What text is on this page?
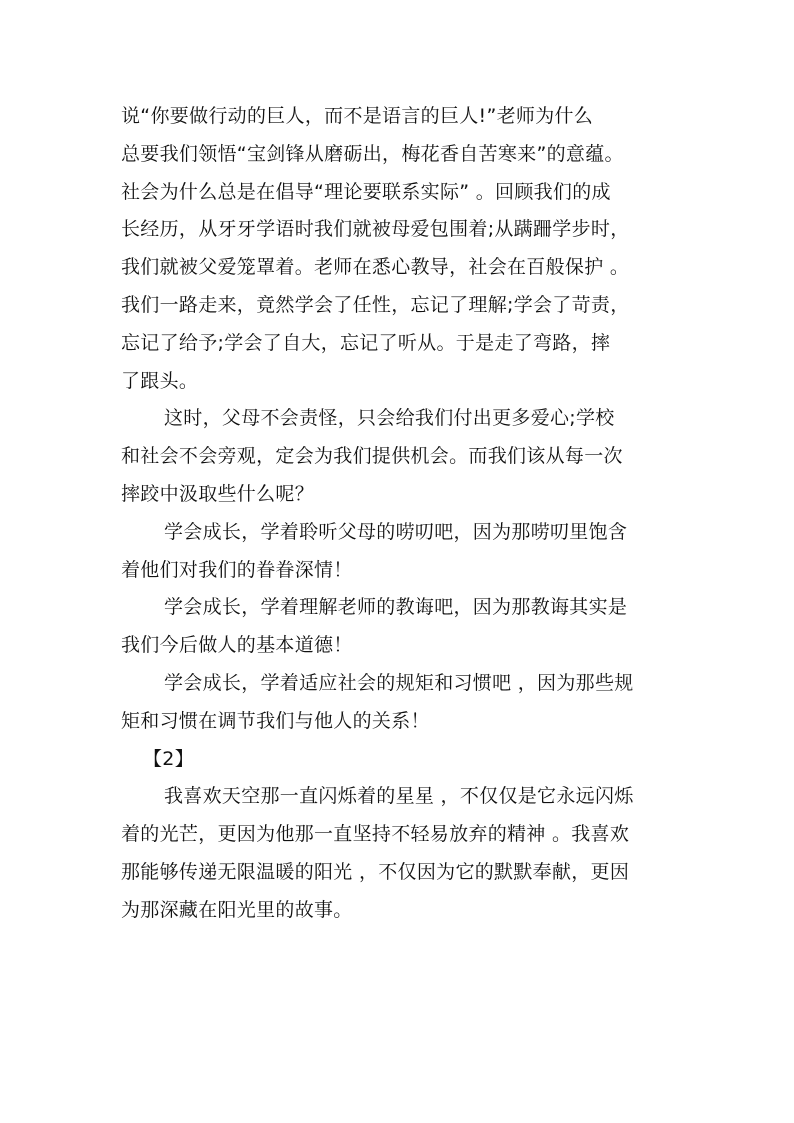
说“你要做行动的巨人，而不是语言的巨人!”老师为什么
总要我们领悟“宝剑锋从磨砺出，梅花香自苦寒来”的意蕴。
社会为什么总是在倡导“理论要联系实际” 。回顾我们的成
长经历，从牙牙学语时我们就被母爱包围着;从蹒跚学步时，
我们就被父爱笼罩着。老师在悉心教导，社会在百般保护 。
我们一路走来，竟然学会了任性，忘记了理解;学会了苛责，
忘记了给予;学会了自大，忘记了听从。于是走了弯路，摔
了跟头。
这时，父母不会责怪，只会给我们付出更多爱心;学校
和社会不会旁观，定会为我们提供机会。而我们该从每一次
摔跤中汲取些什么呢？
学会成长，学着聆听父母的唠叨吧，因为那唠叨里饱含
着他们对我们的眷眷深情！
学会成长，学着理解老师的教诲吧，因为那教诲其实是
我们今后做人的基本道德！
学会成长，学着适应社会的规矩和习惯吧 ，因为那些规
矩和习惯在调节我们与他人的关系！
【2】
我喜欢天空那一直闪烁着的星星 ，不仅仅是它永远闪烁
着的光芒，更因为他那一直坚持不轻易放弃的精神 。我喜欢
那能够传递无限温暖的阳光 ，不仅因为它的默默奉献，更因
为那深藏在阳光里的故事。
